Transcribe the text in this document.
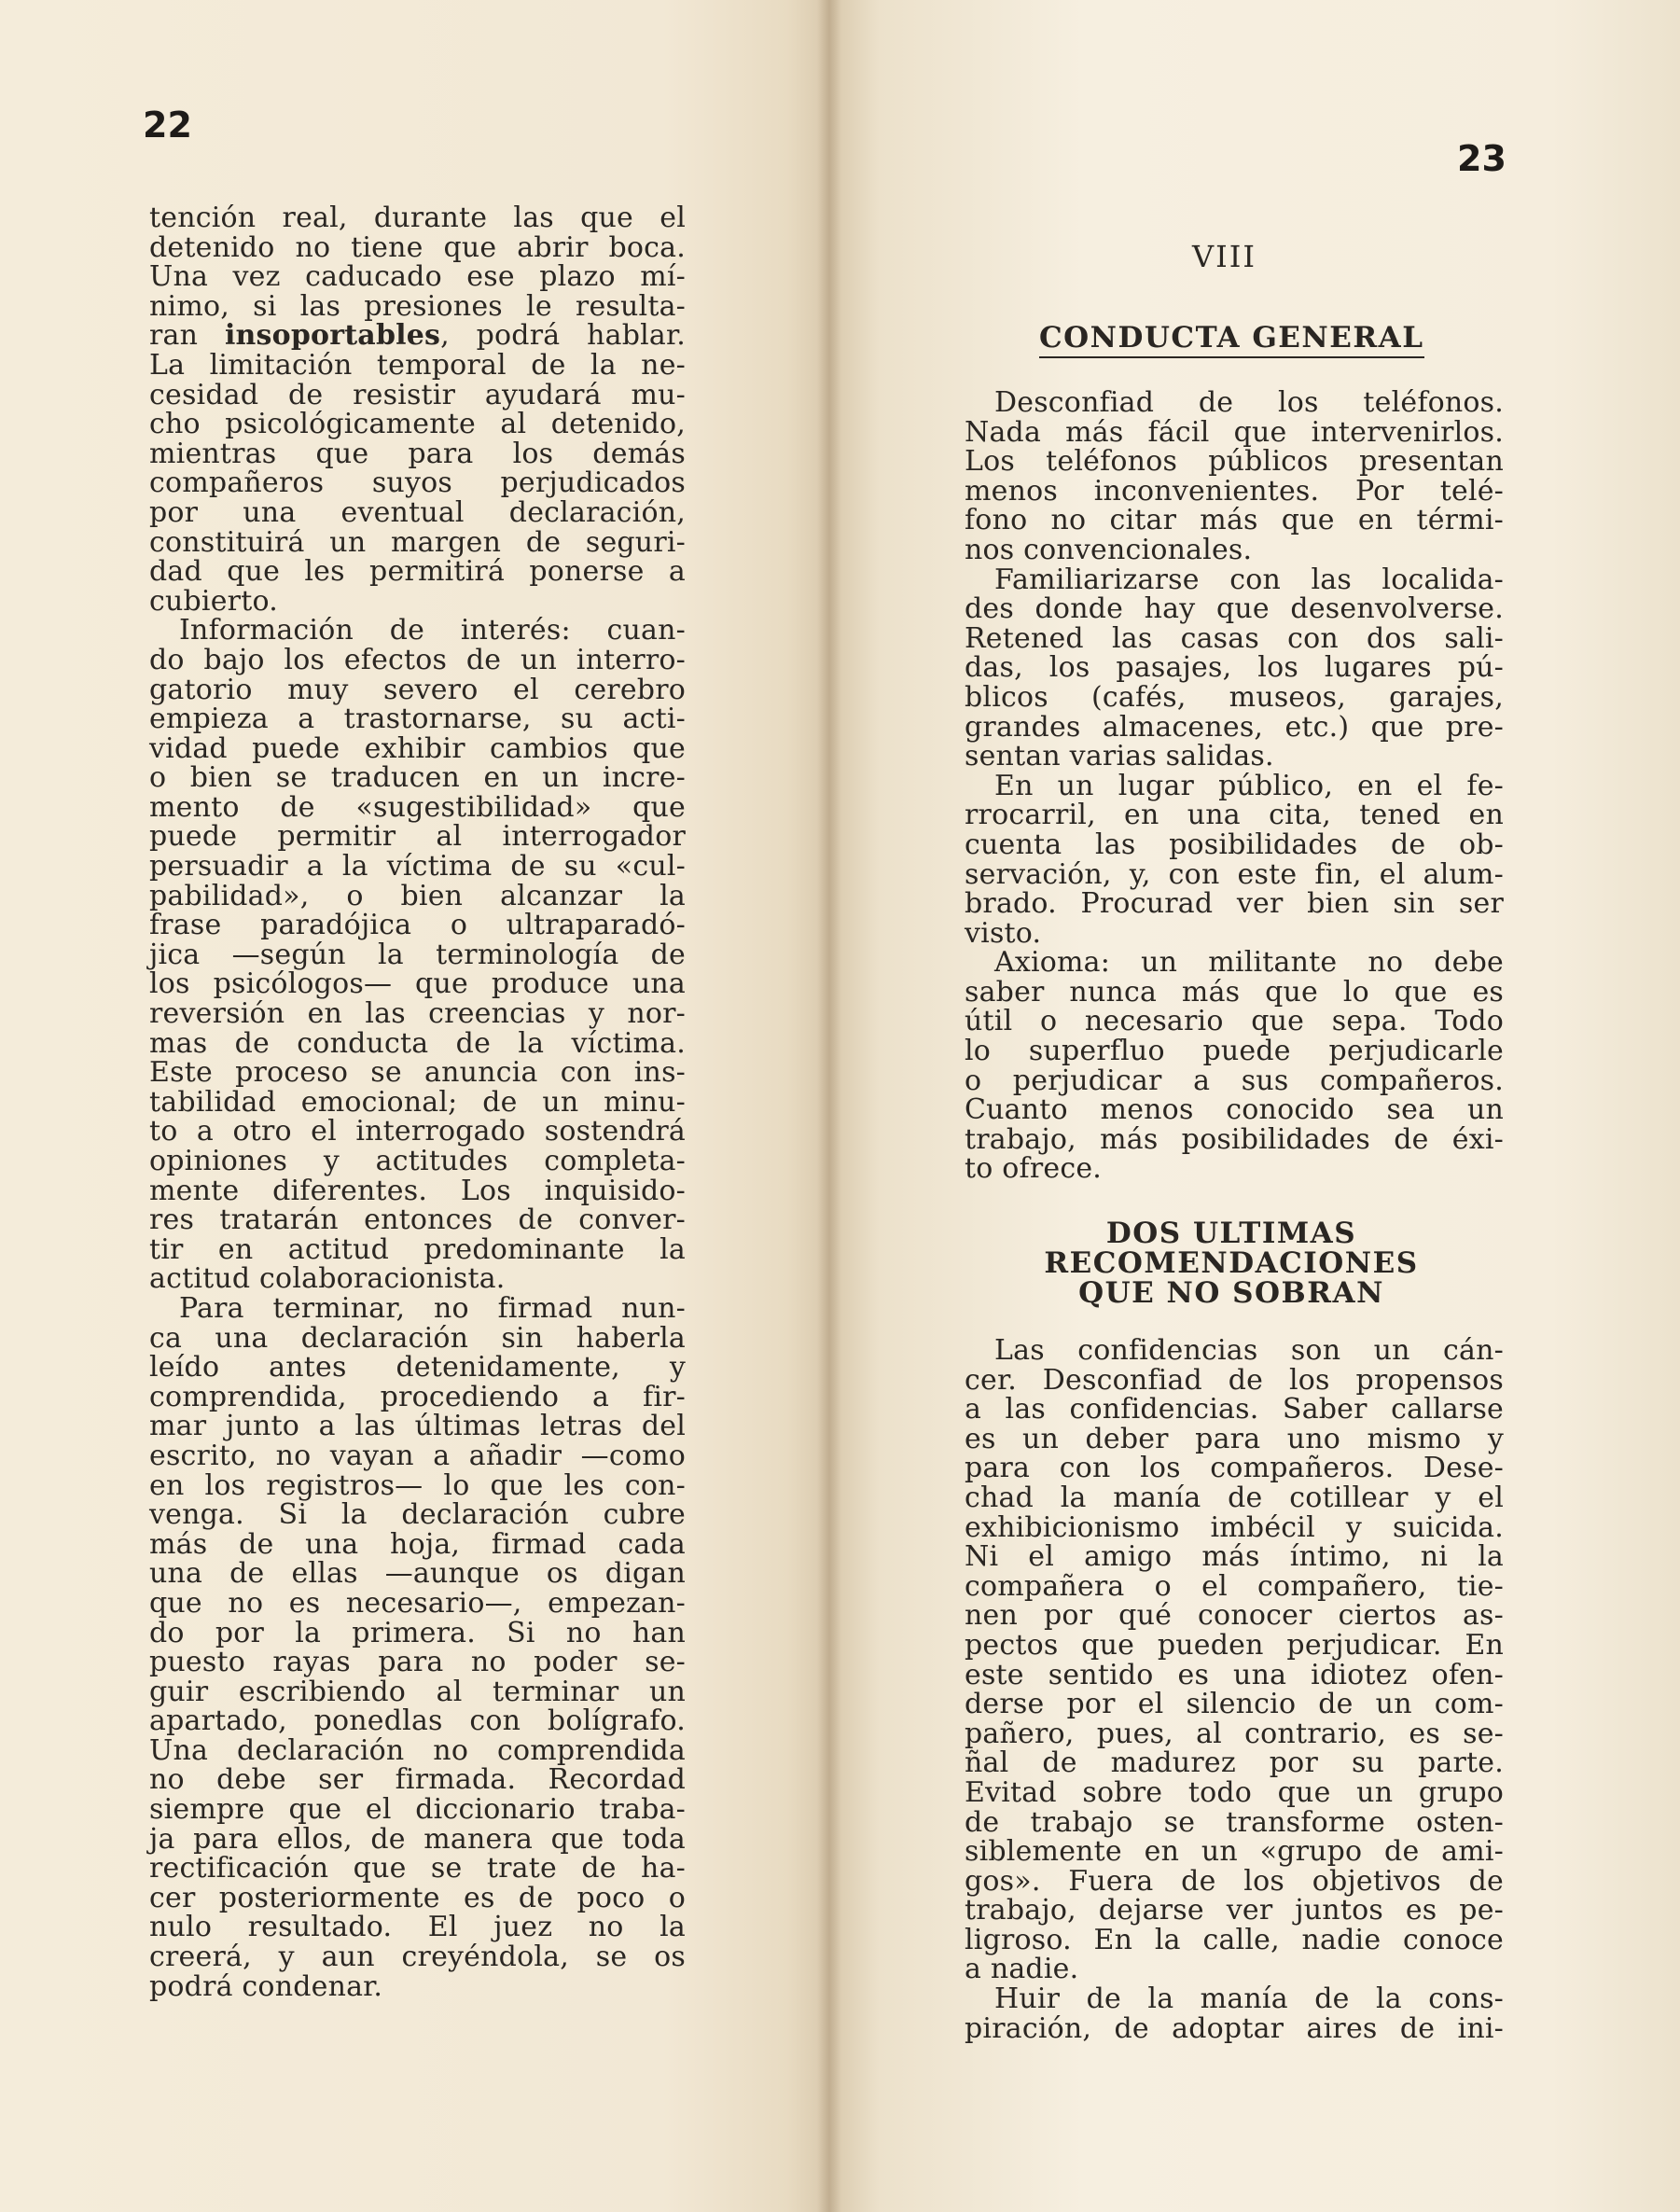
22
23
tención real, durante las que el
detenido no tiene que abrir boca.
Una vez caducado ese plazo mí-
nimo, si las presiones le resulta-
ran insoportables, podrá hablar.
La limitación temporal de la ne-
cesidad de resistir ayudará mu-
cho psicológicamente al detenido,
mientras que para los demás
compañeros suyos perjudicados
por una eventual declaración,
constituirá un margen de seguri-
dad que les permitirá ponerse a
cubierto.
Información de interés: cuan-
do bajo los efectos de un interro-
gatorio muy severo el cerebro
empieza a trastornarse, su acti-
vidad puede exhibir cambios que
o bien se traducen en un incre-
mento de «sugestibilidad» que
puede permitir al interrogador
persuadir a la víctima de su «cul-
pabilidad», o bien alcanzar la
frase paradójica o ultraparadó-
jica —según la terminología de
los psicólogos— que produce una
reversión en las creencias y nor-
mas de conducta de la víctima.
Este proceso se anuncia con ins-
tabilidad emocional; de un minu-
to a otro el interrogado sostendrá
opiniones y actitudes completa-
mente diferentes. Los inquisido-
res tratarán entonces de conver-
tir en actitud predominante la
actitud colaboracionista.
Para terminar, no firmad nun-
ca una declaración sin haberla
leído antes detenidamente, y
comprendida, procediendo a fir-
mar junto a las últimas letras del
escrito, no vayan a añadir —como
en los registros— lo que les con-
venga. Si la declaración cubre
más de una hoja, firmad cada
una de ellas —aunque os digan
que no es necesario—, empezan-
do por la primera. Si no han
puesto rayas para no poder se-
guir escribiendo al terminar un
apartado, ponedlas con bolígrafo.
Una declaración no comprendida
no debe ser firmada. Recordad
siempre que el diccionario traba-
ja para ellos, de manera que toda
rectificación que se trate de ha-
cer posteriormente es de poco o
nulo resultado. El juez no la
creerá, y aun creyéndola, se os
podrá condenar.
VIII
CONDUCTA GENERAL
Desconfiad de los teléfonos.
Nada más fácil que intervenirlos.
Los teléfonos públicos presentan
menos inconvenientes. Por telé-
fono no citar más que en térmi-
nos convencionales.
Familiarizarse con las localida-
des donde hay que desenvolverse.
Retened las casas con dos sali-
das, los pasajes, los lugares pú-
blicos (cafés, museos, garajes,
grandes almacenes, etc.) que pre-
sentan varias salidas.
En un lugar público, en el fe-
rrocarril, en una cita, tened en
cuenta las posibilidades de ob-
servación, y, con este fin, el alum-
brado. Procurad ver bien sin ser
visto.
Axioma: un militante no debe
saber nunca más que lo que es
útil o necesario que sepa. Todo
lo superfluo puede perjudicarle
o perjudicar a sus compañeros.
Cuanto menos conocido sea un
trabajo, más posibilidades de éxi-
to ofrece.
DOS ULTIMAS
RECOMENDACIONES
QUE NO SOBRAN
Las confidencias son un cán-
cer. Desconfiad de los propensos
a las confidencias. Saber callarse
es un deber para uno mismo y
para con los compañeros. Dese-
chad la manía de cotillear y el
exhibicionismo imbécil y suicida.
Ni el amigo más íntimo, ni la
compañera o el compañero, tie-
nen por qué conocer ciertos as-
pectos que pueden perjudicar. En
este sentido es una idiotez ofen-
derse por el silencio de un com-
pañero, pues, al contrario, es se-
ñal de madurez por su parte.
Evitad sobre todo que un grupo
de trabajo se transforme osten-
siblemente en un «grupo de ami-
gos». Fuera de los objetivos de
trabajo, dejarse ver juntos es pe-
ligroso. En la calle, nadie conoce
a nadie.
Huir de la manía de la cons-
piración, de adoptar aires de ini-
